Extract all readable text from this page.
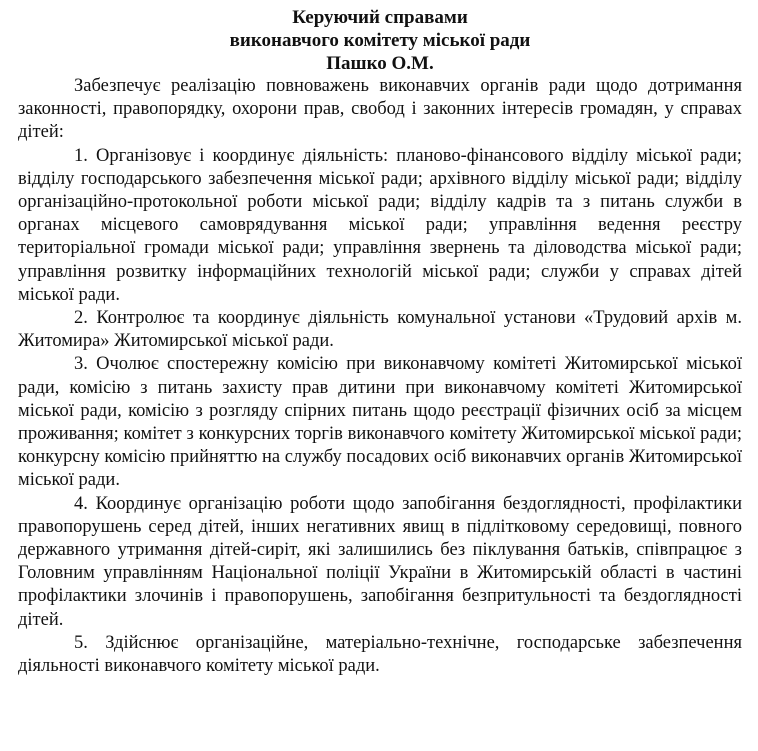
Керуючий справами
виконавчого комітету міської ради
Пашко О.М.

Забезпечує реалізацію повноважень виконавчих органів ради щодо дотримання законності, правопорядку, охорони прав, свобод і законних інтересів громадян, у справах дітей:

1. Організовує і координує діяльність: планово-фінансового відділу міської ради; відділу господарського забезпечення міської ради; архівного відділу міської ради; відділу організаційно-протокольної роботи міської ради; відділу кадрів та з питань служби в органах місцевого самоврядування міської ради; управління ведення реєстру територіальної громади міської ради; управління звернень та діловодства міської ради; управління розвитку інформаційних технологій міської ради; служби у справах дітей міської ради.

2. Контролює та координує діяльність комунальної установи «Трудовий архів м. Житомира» Житомирської міської ради.

3. Очолює спостережну комісію при виконавчому комітеті Житомирської міської ради, комісію з питань захисту прав дитини при виконавчому комітеті Житомирської міської ради, комісію з розгляду спірних питань щодо реєстрації фізичних осіб за місцем проживання; комітет з конкурсних торгів виконавчого комітету Житомирської міської ради; конкурсну комісію прийняттю на службу посадових осіб виконавчих органів Житомирської міської ради.

4. Координує організацію роботи щодо запобігання бездоглядності, профілактики правопорушень серед дітей, інших негативних явищ в підлітковому середовищі, повного державного утримання дітей-сиріт, які залишились без піклування батьків, співпрацює з Головним управлінням Національної поліції України в Житомирській області в частині профілактики злочинів і правопорушень, запобігання безпритульності та бездоглядності дітей.

5. Здійснює організаційне, матеріально-технічне, господарське забезпечення діяльності виконавчого комітету міської ради.
